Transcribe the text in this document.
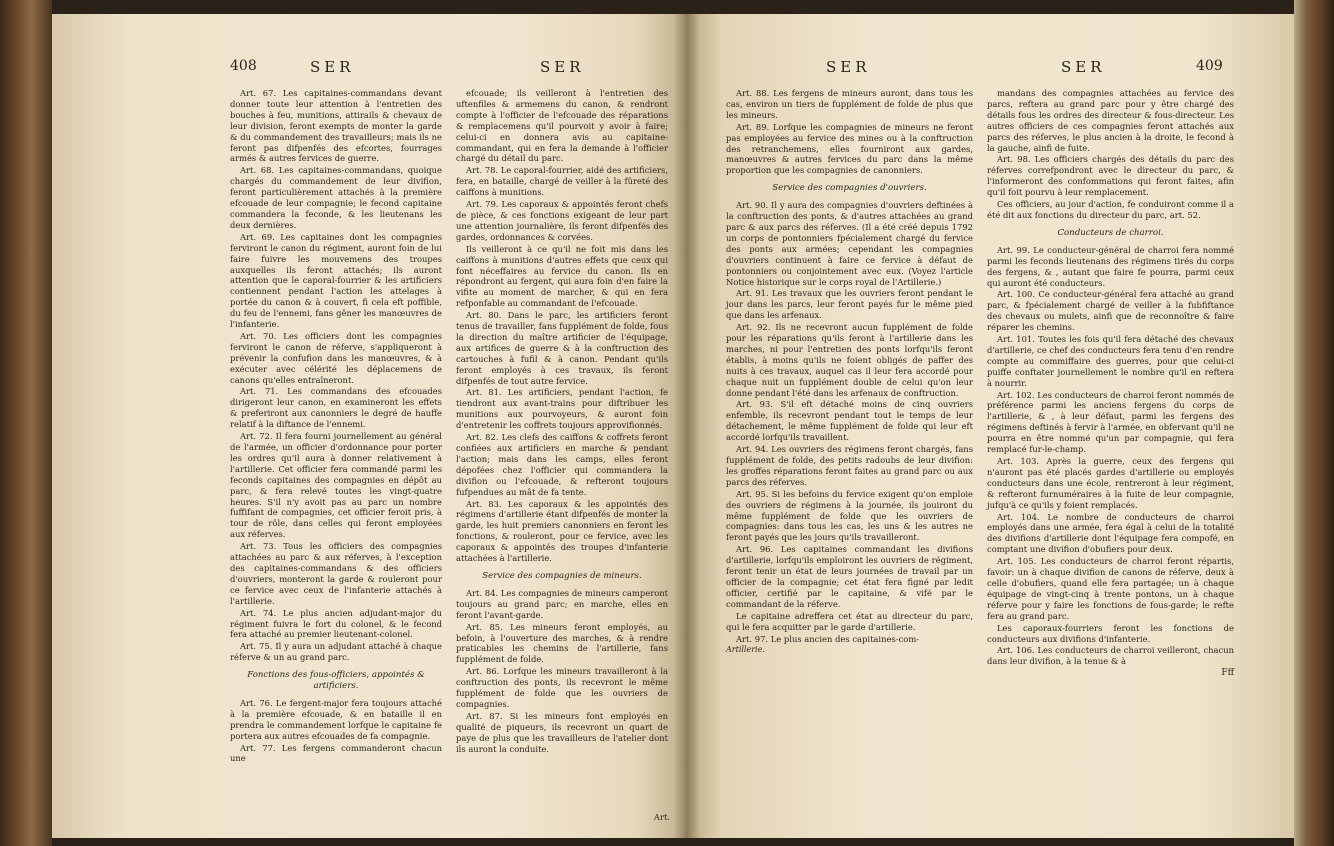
408	SER	SER

Art. 67. Les capitaines-commandans devant donner toute leur attention à l'entretien des bouches à feu, munitions, attirails & chevaux de leur division, feront exempts de monter la garde & du commandement des travailleurs; mais ils ne feront pas difpenfés des efcortes, fourrages armés & autres fervices de guerre.

Art. 68. Les capitaines-commandans, quoique chargés du commandement de leur divifion, feront particulièrement attachés à la première efcouade de leur compagnie; le fecond capitaine commandera la feconde, & les lieutenans les deux dernières.

Art. 69. Les capitaines dont les compagnies ferviront le canon du régiment, auront foin de lui faire fuivre les mouvemens des troupes auxquelles ils feront attachés; ils auront attention que le caporal-fourrier & les artificiers contiennent pendant l'action les attelages à portée du canon & à couvert, fi cela eft poffible, du feu de l'ennemi, fans gêner les manœuvres de l'infanterie.

Art. 70. Les officiers dont les compagnies ferviront le canon de réferve, s'appliqueront à prévenir la confufion dans les manœuvres, & à exécuter avec célérité les déplacemens de canons qu'elles entraîneront.

Art. 71. Les commandans des efcouades dirigeront leur canon, en examineront les effets & preferiront aux canonniers le degré de hauffe relatif à la diftance de l'ennemi.

Art. 72. Il fera fourni journellement au général de l'armée, un officier d'ordonnance pour porter les ordres qu'il aura à donner relativement à l'artillerie. Cet officier fera commandé parmi les feconds capitaines des compagnies en dépôt au parc, & fera relevé toutes les vingt-quatre heures. S'il n'y avoit pas au parc un nombre fuffifant de compagnies, cet officier feroit pris, à tour de rôle, dans celles qui feront employées aux réferves.

Art. 73. Tous les officiers des compagnies attachées au parc & aux réferves, à l'exception des capitaines-commandans & des officiers d'ouvriers, monteront la garde & rouleront pour ce fervice avec ceux de l'infanterie attachés à l'artillerie.

Art. 74. Le plus ancien adjudant-major du régiment fuivra le fort du colonel, & le fecond fera attaché au premier lieutenant-colonel.

Art. 75. Il y aura un adjudant attaché à chaque réferve & un au grand parc.

Fonctions des fous-officiers, appointés & artificiers.

Art. 76. Le fergent-major fera toujours attaché à la première efcouade, & en bataille il en prendra le commandement lorfque le capitaine fe portera aux autres efcouades de fa compagnie.

Art. 77. Les fergens commanderont chacun une

efcouade; ils veilleront à l'entretien des uftenfiles & armemens du canon, & rendront compte à l'officier de l'efcouade des réparations & remplacemens qu'il pourvoit y avoir à faire; celui-ci en donnera avis au capitaine-commandant, qui en fera la demande à l'officier chargé du détail du parc.

Art. 78. Le caporal-fourrier, aidé des artificiers, fera, en bataille, chargé de veiller à la fûreté des caiffons à munitions.

Art. 79. Les caporaux & appointés feront chefs de pièce, & ces fonctions exigeant de leur part une attention journalière, ils feront difpenfés des gardes, ordonnances & corvées.

Ils veilleront à ce qu'il ne foit mis dans les caiffons à munitions d'autres effets que ceux qui font néceffaires au fervice du canon. Ils en répondront au fergent, qui aura foin d'en faire la vifite au moment de marcher, & qui en fera refponfable au commandant de l'efcouade.

Art. 80. Dans le parc, les artificiers feront tenus de travailler, fans fupplément de folde, fous la direction du maître artificier de l'équipage, aux artifices de guerre & à la conftruction des cartouches à fufil & à canon. Pendant qu'ils feront employés à ces travaux, ils feront difpenfés de tout autre fervice.

Art. 81. Les artificiers, pendant l'action, fe tiendront aux avant-trains pour diftribuer les munitions aux pourvoyeurs, & auront foin d'entretenir les coffrets toujours approvifionnés.

Art. 82. Les clefs des caiffons & coffrets feront confiées aux artificiers en marche & pendant l'action; mais dans les camps, elles feront dépofées chez l'officier qui commandera la divifion ou l'efcouade, & refteront toujours fufpendues au mât de fa tente.

Art. 83. Les caporaux & les appointés des régimens d'artillerie étant difpenfés de monter la garde, les huit premiers canonniers en feront les fonctions, & rouleront, pour ce fervice, avec les caporaux & appointés des troupes d'infanterie attachées à l'artillerie.

Service des compagnies de mineurs.

Art. 84. Les compagnies de mineurs camperont toujours au grand parc; en marche, elles en feront l'avant-garde.

Art. 85. Les mineurs feront employés, au befoin, à l'ouverture des marches, & à rendre praticables les chemins de l'artillerie, fans fupplément de folde.

Art. 86. Lorfque les mineurs travailleront à la conftruction des ponts, ils recevront le même fupplément de folde que les ouvriers de compagnies.

Art. 87. Si les mineurs font employés en qualité de piqueurs, ils recevront un quart de paye de plus que les travailleurs de l'atelier dont ils auront la conduite.

Art.
SER	SER	409

Art. 88. Les fergens de mineurs auront, dans tous les cas, environ un tiers de fupplément de folde de plus que les mineurs.

Art. 89. Lorfque les compagnies de mineurs ne feront pas employées au fervice des mines ou à la conftruction des retranchemens, elles fourniront aux gardes, manœuvres & autres fervices du parc dans la même proportion que les compagnies de canonniers.

Service des compagnies d'ouvriers.

Art. 90. Il y aura des compagnies d'ouvriers deftinées à la conftruction des ponts, & d'autres attachées au grand parc & aux parcs des réferves. (Il a été créé depuis 1792 un corps de pontonniers fpécialement chargé du fervice des ponts aux armées; cependant les compagnies d'ouvriers continuent à faire ce fervice à défaut de pontonniers ou conjointement avec eux. (Voyez l'article Notice historique sur le corps royal de l'Artillerie.)

Art. 91. Les travaux que les ouvriers feront pendant le jour dans les parcs, leur feront payés fur le même pied que dans les arfenaux.

Art. 92. Ils ne recevront aucun fupplément de folde pour les réparations qu'ils feront à l'artillerie dans les marches, ni pour l'entretien des ponts lorfqu'ils feront établis, à moins qu'ils ne foient obligés de paffer des nuits à ces travaux, auquel cas il leur fera accordé pour chaque nuit un fupplément double de celui qu'on leur donne pendant l'été dans les arfenaux de conftruction.

Art. 93. S'il eft détaché moins de cinq ouvriers enfemble, ils recevront pendant tout le temps de leur détachement, le même fupplément de folde qui leur eft accordé lorfqu'ils travaillent.

Art. 94. Les ouvriers des régimens feront chargés, fans fupplément de folde, des petits radoubs de leur divifion: les groffes réparations feront faites au grand parc ou aux parcs des réferves.

Art. 95. Si les befoins du fervice exigent qu'on emploie des ouvriers de régimens à la journée, ils jouiront du même fupplément de folde que les ouvriers de compagnies: dans tous les cas, les uns & les autres ne feront payés que les jours qu'ils travailleront.

Art. 96. Les capitaines commandant les divifions d'artillerie, lorfqu'ils emploiront les ouvriers de régiment, feront tenir un état de leurs journées de travail par un officier de la compagnie; cet état fera figné par ledit officier, certifié par le capitaine, & vifé par le commandant de la réferve.

Le capitaine adreffera cet état au directeur du parc, qui le fera acquitter par le garde d'artillerie.

Art. 97. Le plus ancien des capitaines-com-

Artillerie.

mandans des compagnies attachées au fervice des parcs, reftera au grand parc pour y être chargé des détails fous les ordres des directeur & fous-directeur. Les autres officiers de ces compagnies feront attachés aux parcs des réferves, le plus ancien à la droite, le fecond à la gauche, ainfi de fuite.

Art. 98. Les officiers chargés des détails du parc des réferves correfpondront avec le directeur du parc, & l'informeront des confommations qui feront faites, afin qu'il foit pourvu à leur remplacement.

Ces officiers, au jour d'action, fe conduiront comme il a été dit aux fonctions du directeur du parc, art. 52.

Conducteurs de charroi.

Art. 99. Le conducteur-général de charroi fera nommé parmi les feconds lieutenans des régimens tirés du corps des fergens, & , autant que faire fe pourra, parmi ceux qui auront été conducteurs.

Art. 100. Ce conducteur-général fera attaché au grand parc, & fpécialement chargé de veiller à la fubfiftance des chevaux ou mulets, ainfi que de reconnoître & faire réparer les chemins.

Art. 101. Toutes les fois qu'il fera détaché des chevaux d'artillerie, ce chef des conducteurs fera tenu d'en rendre compte au commiffaire des guerres, pour que celui-ci puiffe conftater journellement le nombre qu'il en reftera à nourrir.

Art. 102. Les conducteurs de charroi feront nommés de préférence parmi les anciens fergens du corps de l'artillerie, & , à leur défaut, parmi les fergens des régimens deftinés à fervir à l'armée, en obfervant qu'il ne pourra en être nommé qu'un par compagnie, qui fera remplacé fur-le-champ.

Art. 103. Après la guerre, ceux des fergens qui n'auront pas été placés gardes d'artillerie ou employés conducteurs dans une école, rentreront à leur régiment, & refteront furnuméraires à la fuite de leur compagnie, jufqu'à ce qu'ils y foient remplacés.

Art. 104. Le nombre de conducteurs de charroi employés dans une armée, fera égal à celui de la totalité des divifions d'artillerie dont l'équipage fera compofé, en comptant une divifion d'obufiers pour deux.

Art. 105. Les conducteurs de charroi feront répartis, favoir: un à chaque divifion de canons de réferve, deux à celle d'obufiers, quand elle fera partagée; un à chaque équipage de vingt-cinq à trente pontons, un à chaque réferve pour y faire les fonctions de fous-garde; le refte fera au grand parc.

Les caporaux-fourriers feront les fonctions de conducteurs aux divifions d'infanterie.

Art. 106. Les conducteurs de charroi veilleront, chacun dans leur divifion, à la tenue & à

Fff
